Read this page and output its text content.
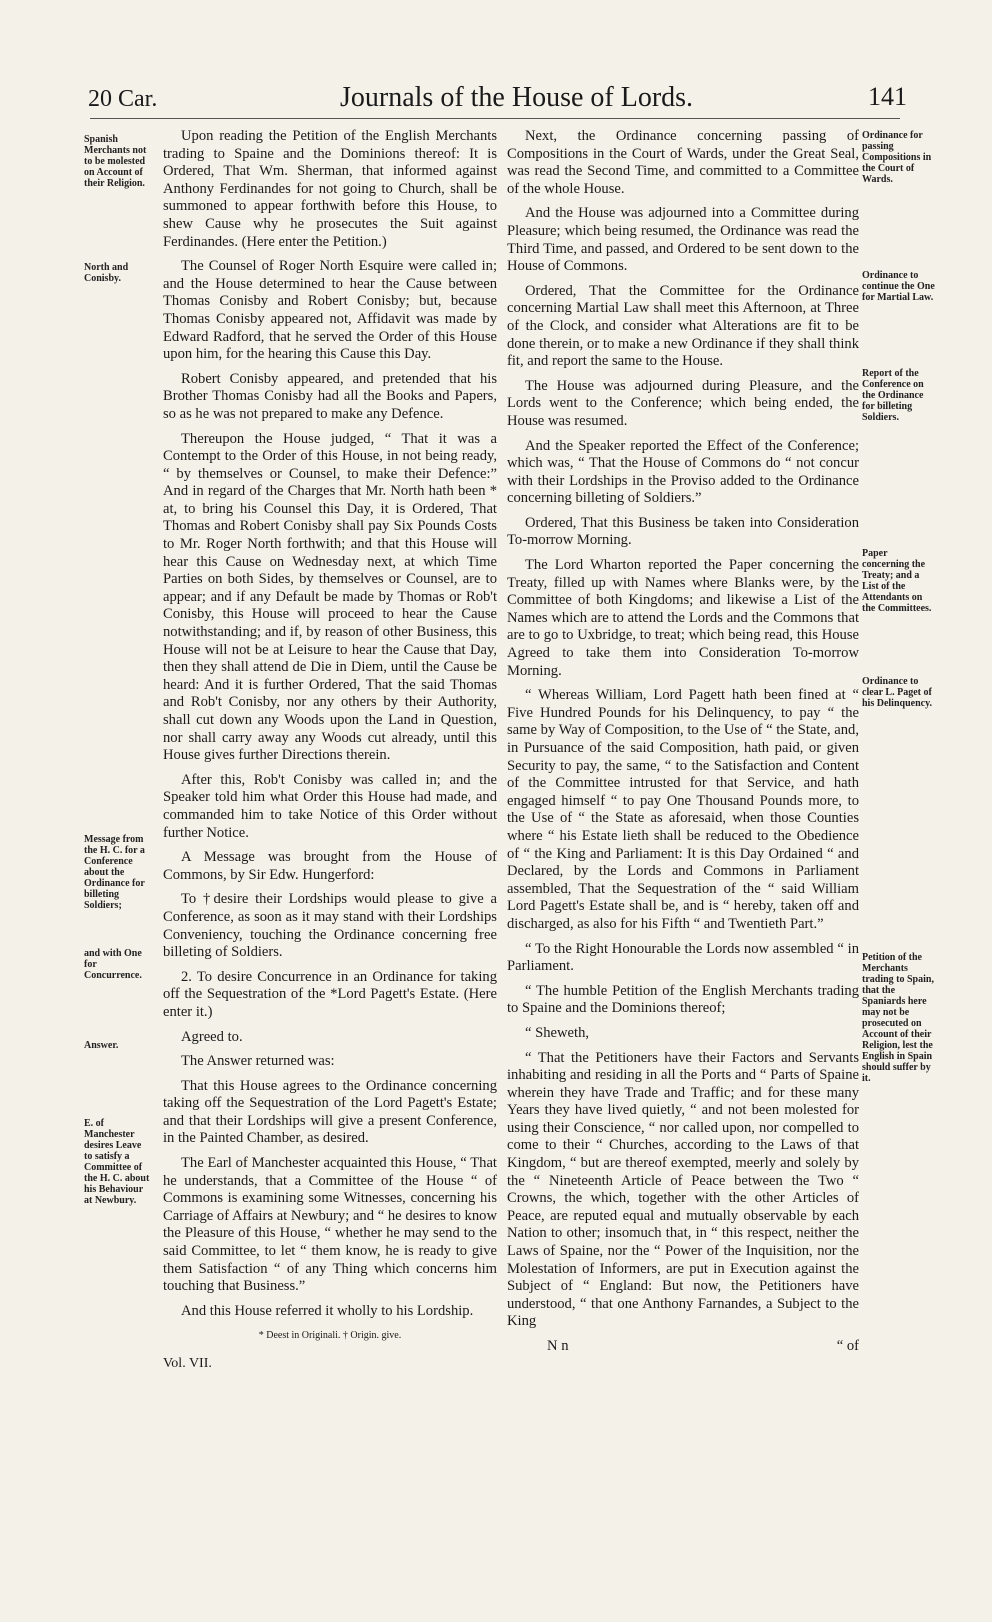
20 Car.	Journals of the House of Lords.	141
Spanish Merchants not to be molested on Account of their Religion.
North and Conisby.
Message from the H. C. for a Conference about the Ordinance for billeting Soldiers;
and with One for Concurrence.
Answer.
E. of Manchester desires Leave to satisfy a Committee of the H. C. about his Behaviour at Newbury.
Ordinance for passing Compositions in the Court of Wards.
Ordinance to continue the One for Martial Law.
Report of the Conference on the Ordinance for billeting Soldiers.
Paper concerning the Treaty; and a List of the Attendants on the Committees.
Ordinance to clear L. Paget of his Delinquency.
Petition of the Merchants trading to Spain, that the Spaniards here may not be prosecuted on Account of their Religion, lest the English in Spain should suffer by it.

Upon reading the Petition of the English Merchants trading to Spaine and the Dominions thereof: It is Ordered, That Wm. Sherman, that informed against Anthony Ferdinandes for not going to Church, shall be summoned to appear forthwith before this House, to shew Cause why he prosecutes the Suit against Ferdinandes. (Here enter the Petition.)

The Counsel of Roger North Esquire were called in; and the House determined to hear the Cause between Thomas Conisby and Robert Conisby; but, because Thomas Conisby appeared not, Affidavit was made by Edward Radford, that he served the Order of this House upon him, for the hearing this Cause this Day.

Robert Conisby appeared, and pretended that his Brother Thomas Conisby had all the Books and Papers, so as he was not prepared to make any Defence.

Thereupon the House judged, “ That it was a Contempt to the Order of this House, in not being ready, “ by themselves or Counsel, to make their Defence:” And in regard of the Charges that Mr. North hath been * at, to bring his Counsel this Day, it is Ordered, That Thomas and Robert Conisby shall pay Six Pounds Costs to Mr. Roger North forthwith; and that this House will hear this Cause on Wednesday next, at which Time Parties on both Sides, by themselves or Counsel, are to appear; and if any Default be made by Thomas or Rob't Conisby, this House will proceed to hear the Cause notwithstanding; and if, by reason of other Business, this House will not be at Leisure to hear the Cause that Day, then they shall attend de Die in Diem, until the Cause be heard: And it is further Ordered, That the said Thomas and Rob't Conisby, nor any others by their Authority, shall cut down any Woods upon the Land in Question, nor shall carry away any Woods cut already, until this House gives further Directions therein.

After this, Rob't Conisby was called in; and the Speaker told him what Order this House had made, and commanded him to take Notice of this Order without further Notice.

A Message was brought from the House of Commons, by Sir Edw. Hungerford:

To †desire their Lordships would please to give a Conference, as soon as it may stand with their Lordships Conveniency, touching the Ordinance concerning free billeting of Soldiers.

2. To desire Concurrence in an Ordinance for taking off the Sequestration of the *Lord Pagett's Estate. (Here enter it.)

Agreed to.

The Answer returned was:

That this House agrees to the Ordinance concerning taking off the Sequestration of the Lord Pagett's Estate; and that their Lordships will give a present Conference, in the Painted Chamber, as desired.

The Earl of Manchester acquainted this House, “ That he understands, that a Committee of the House “ of Commons is examining some Witnesses, concerning his Carriage of Affairs at Newbury; and “ he desires to know the Pleasure of this House, “ whether he may send to the said Committee, to let “ them know, he is ready to give them Satisfaction “ of any Thing which concerns him touching that Business.”

And this House referred it wholly to his Lordship.

* Deest in Originali. † Origin. give.
Vol. VII.

Next, the Ordinance concerning passing of Compositions in the Court of Wards, under the Great Seal, was read the Second Time, and committed to a Committee of the whole House.

And the House was adjourned into a Committee during Pleasure; which being resumed, the Ordinance was read the Third Time, and passed, and Ordered to be sent down to the House of Commons.

Ordered, That the Committee for the Ordinance concerning Martial Law shall meet this Afternoon, at Three of the Clock, and consider what Alterations are fit to be done therein, or to make a new Ordinance if they shall think fit, and report the same to the House.

The House was adjourned during Pleasure, and the Lords went to the Conference; which being ended, the House was resumed.

And the Speaker reported the Effect of the Conference; which was, “ That the House of Commons do “ not concur with their Lordships in the Proviso added to the Ordinance concerning billeting of Soldiers.”

Ordered, That this Business be taken into Consideration To-morrow Morning.

The Lord Wharton reported the Paper concerning the Treaty, filled up with Names where Blanks were, by the Committee of both Kingdoms; and likewise a List of the Names which are to attend the Lords and the Commons that are to go to Uxbridge, to treat; which being read, this House Agreed to take them into Consideration To-morrow Morning.

“ Whereas William, Lord Pagett hath been fined at “ Five Hundred Pounds for his Delinquency, to pay “ the same by Way of Composition, to the Use of “ the State, and, in Pursuance of the said Composition, hath paid, or given Security to pay, the same, “ to the Satisfaction and Content of the Committee intrusted for that Service, and hath engaged himself “ to pay One Thousand Pounds more, to the Use of “ the State as aforesaid, when those Counties where “ his Estate lieth shall be reduced to the Obedience of “ the King and Parliament: It is this Day Ordained “ and Declared, by the Lords and Commons in Parliament assembled, That the Sequestration of the “ said William Lord Pagett's Estate shall be, and is “ hereby, taken off and discharged, as also for his Fifth “ and Twentieth Part.”

“ To the Right Honourable the Lords now assembled “ in Parliament.

“ The humble Petition of the English Merchants trading to Spaine and the Dominions thereof;

“ Sheweth,

“ That the Petitioners have their Factors and Servants inhabiting and residing in all the Ports and “ Parts of Spaine wherein they have Trade and Traffic; and for these many Years they have lived quietly, “ and not been molested for using their Conscience, “ nor called upon, nor compelled to come to their “ Churches, according to the Laws of that Kingdom, “ but are thereof exempted, meerly and solely by the “ Nineteenth Article of Peace between the Two “ Crowns, the which, together with the other Articles of Peace, are reputed equal and mutually observable by each Nation to other; insomuch that, in “ this respect, neither the Laws of Spaine, nor the “ Power of the Inquisition, nor the Molestation of Informers, are put in Execution against the Subject of “ England: But now, the Petitioners have understood, “ that one Anthony Farnandes, a Subject to the King

N n	“ of
